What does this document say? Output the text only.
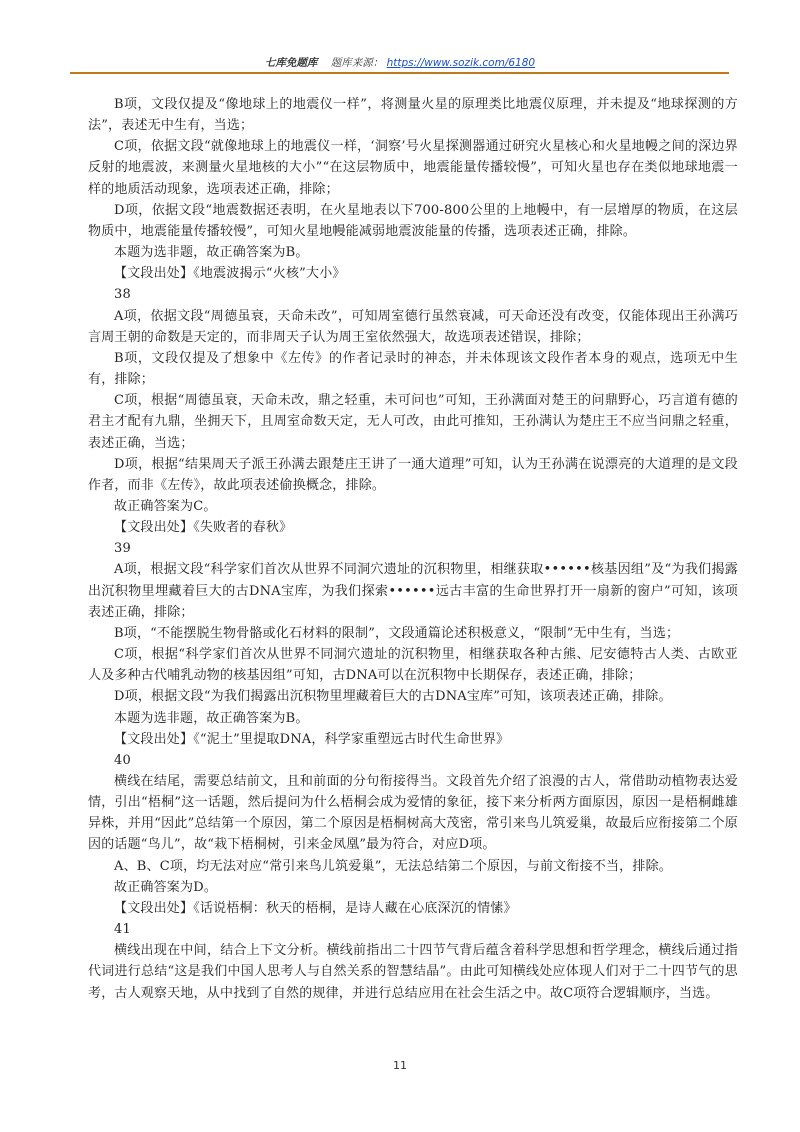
七库免题库 题库来源： https://www.sozik.com/6180

B项，文段仅提及“像地球上的地震仪一样”，将测量火星的原理类比地震仪原理，并未提及“地球探测的方法”，表述无中生有，当选；

C项，依据文段“就像地球上的地震仪一样，‘洞察’号火星探测器通过研究火星核心和火星地幔之间的深边界反射的地震波，来测量火星地核的大小”“在这层物质中，地震能量传播较慢”，可知火星也存在类似地球地震一样的地质活动现象，选项表述正确，排除；

D项，依据文段“地震数据还表明，在火星地表以下700-800公里的上地幔中，有一层增厚的物质，在这层物质中，地震能量传播较慢”，可知火星地幔能减弱地震波能量的传播，选项表述正确，排除。

本题为选非题，故正确答案为B。

【文段出处】《地震波揭示“火核”大小》

38

A项，依据文段“周德虽衰，天命未改”，可知周室德行虽然衰减，可天命还没有改变，仅能体现出王孙满巧言周王朝的命数是天定的，而非周天子认为周王室依然强大，故选项表述错误，排除；

B项，文段仅提及了想象中《左传》的作者记录时的神态，并未体现该文段作者本身的观点，选项无中生有，排除；

C项，根据“周德虽衰，天命未改，鼎之轻重，未可问也”可知，王孙满面对楚王的问鼎野心，巧言道有德的君主才配有九鼎，坐拥天下，且周室命数天定，无人可改，由此可推知，王孙满认为楚庄王不应当问鼎之轻重，表述正确，当选；

D项，根据“结果周天子派王孙满去跟楚庄王讲了一通大道理”可知，认为王孙满在说漂亮的大道理的是文段作者，而非《左传》，故此项表述偷换概念，排除。

故正确答案为C。

【文段出处】《失败者的春秋》

39

A项，根据文段“科学家们首次从世界不同洞穴遗址的沉积物里，相继获取••••••核基因组”及“为我们揭露出沉积物里埋藏着巨大的古DNA宝库，为我们探索••••••远古丰富的生命世界打开一扇新的窗户”可知，该项表述正确，排除；

B项，“不能摆脱生物骨骼或化石材料的限制”，文段通篇论述积极意义，“限制”无中生有，当选；

C项，根据“科学家们首次从世界不同洞穴遗址的沉积物里，相继获取各种古熊、尼安德特古人类、古欧亚人及多种古代哺乳动物的核基因组”可知，古DNA可以在沉积物中长期保存，表述正确，排除；

D项，根据文段“为我们揭露出沉积物里埋藏着巨大的古DNA宝库”可知，该项表述正确，排除。

本题为选非题，故正确答案为B。

【文段出处】《“泥土”里提取DNA，科学家重塑远古时代生命世界》

40

横线在结尾，需要总结前文，且和前面的分句衔接得当。文段首先介绍了浪漫的古人，常借助动植物表达爱情，引出“梧桐”这一话题，然后提问为什么梧桐会成为爱情的象征，接下来分析两方面原因，原因一是梧桐雌雄异株，并用“因此”总结第一个原因，第二个原因是梧桐树高大茂密，常引来鸟儿筑爱巢，故最后应衔接第二个原因的话题“鸟儿”，故“栽下梧桐树，引来金凤凰”最为符合，对应D项。

A、B、C项，均无法对应“常引来鸟儿筑爱巢”，无法总结第二个原因，与前文衔接不当，排除。

故正确答案为D。

【文段出处】《话说梧桐：秋天的梧桐，是诗人藏在心底深沉的情愫》

41

横线出现在中间，结合上下文分析。横线前指出二十四节气背后蕴含着科学思想和哲学理念，横线后通过指代词进行总结“这是我们中国人思考人与自然关系的智慧结晶”。由此可知横线处应体现人们对于二十四节气的思考，古人观察天地，从中找到了自然的规律，并进行总结应用在社会生活之中。故C项符合逻辑顺序，当选。

11
